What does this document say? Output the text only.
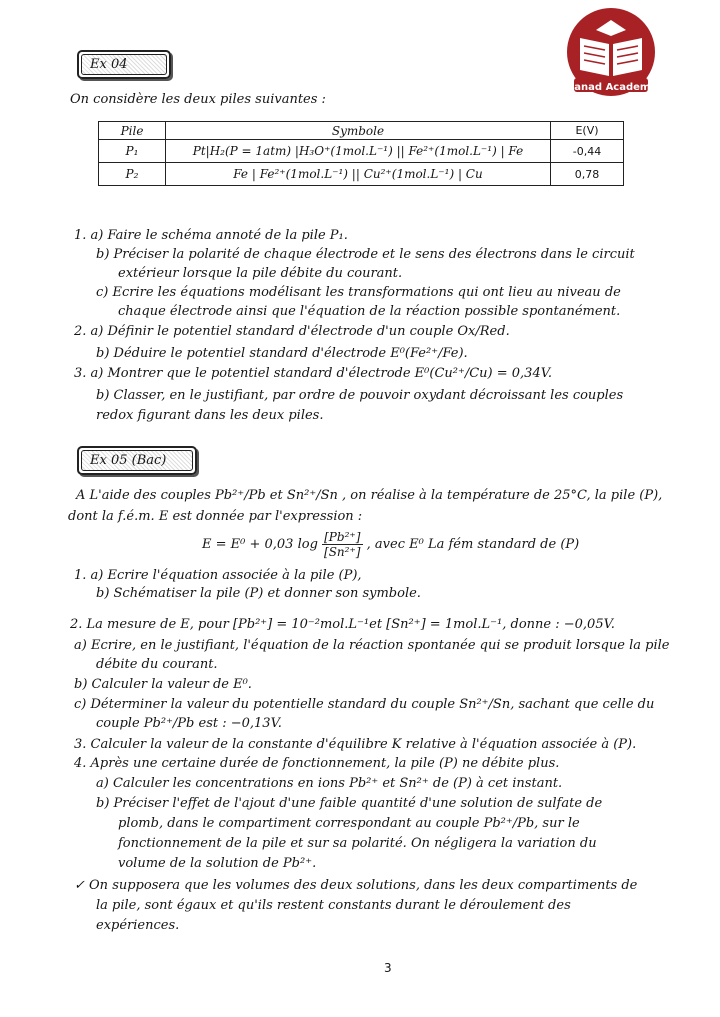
Sanad Academy
Ex 04
On considère les deux piles suivantes :
Pile	Symbole	E(V)
P₁	Pt|H₂(P = 1atm) |H₃O⁺(1mol.L⁻¹) || Fe²⁺(1mol.L⁻¹) | Fe	-0,44
P₂	Fe | Fe²⁺(1mol.L⁻¹) || Cu²⁺(1mol.L⁻¹) | Cu	0,78
1. a) Faire le schéma annoté de la pile P₁.
b) Préciser la polarité de chaque électrode et le sens des électrons dans le circuit
extérieur lorsque la pile débite du courant.
c) Ecrire les équations modélisant les transformations qui ont lieu au niveau de
chaque électrode ainsi que l'équation de la réaction possible spontanément.
2. a) Définir le potentiel standard d'électrode d'un couple Ox/Red.
b) Déduire le potentiel standard d'électrode E⁰(Fe²⁺/Fe).
3. a) Montrer que le potentiel standard d'électrode E⁰(Cu²⁺/Cu) = 0,34V.
b) Classer, en le justifiant, par ordre de pouvoir oxydant décroissant les couples
redox figurant dans les deux piles.
Ex 05 (Bac)
A L'aide des couples Pb²⁺/Pb et Sn²⁺/Sn , on réalise à la température de 25°C, la pile (P),
dont la f.é.m. E est donnée par l'expression :
E = E⁰ + 0,03 $\log \frac{\text{[Pb²⁺]}}{\text{[Sn²⁺]}}$ , avec E⁰ La fém standard de (P)
1. a) Ecrire l'équation associée à la pile (P),
b) Schématiser la pile (P) et donner son symbole.
2. La mesure de E, pour [Pb²⁺] = 10⁻²mol.L⁻¹et [Sn²⁺] = 1mol.L⁻¹, donne : −0,05V.
a) Ecrire, en le justifiant, l'équation de la réaction spontanée qui se produit lorsque la pile
débite du courant.
b) Calculer la valeur de E⁰.
c) Déterminer la valeur du potentielle standard du couple Sn²⁺/Sn, sachant que celle du
couple Pb²⁺/Pb est : −0,13V.
3. Calculer la valeur de la constante d'équilibre K relative à l'équation associée à (P).
4. Après une certaine durée de fonctionnement, la pile (P) ne débite plus.
a) Calculer les concentrations en ions Pb²⁺ et Sn²⁺ de (P) à cet instant.
b) Préciser l'effet de l'ajout d'une faible quantité d'une solution de sulfate de
plomb, dans le compartiment correspondant au couple Pb²⁺/Pb, sur le
fonctionnement de la pile et sur sa polarité. On négligera la variation du
volume de la solution de Pb²⁺.
✓ On supposera que les volumes des deux solutions, dans les deux compartiments de
la pile, sont égaux et qu'ils restent constants durant le déroulement des
expériences.
3
